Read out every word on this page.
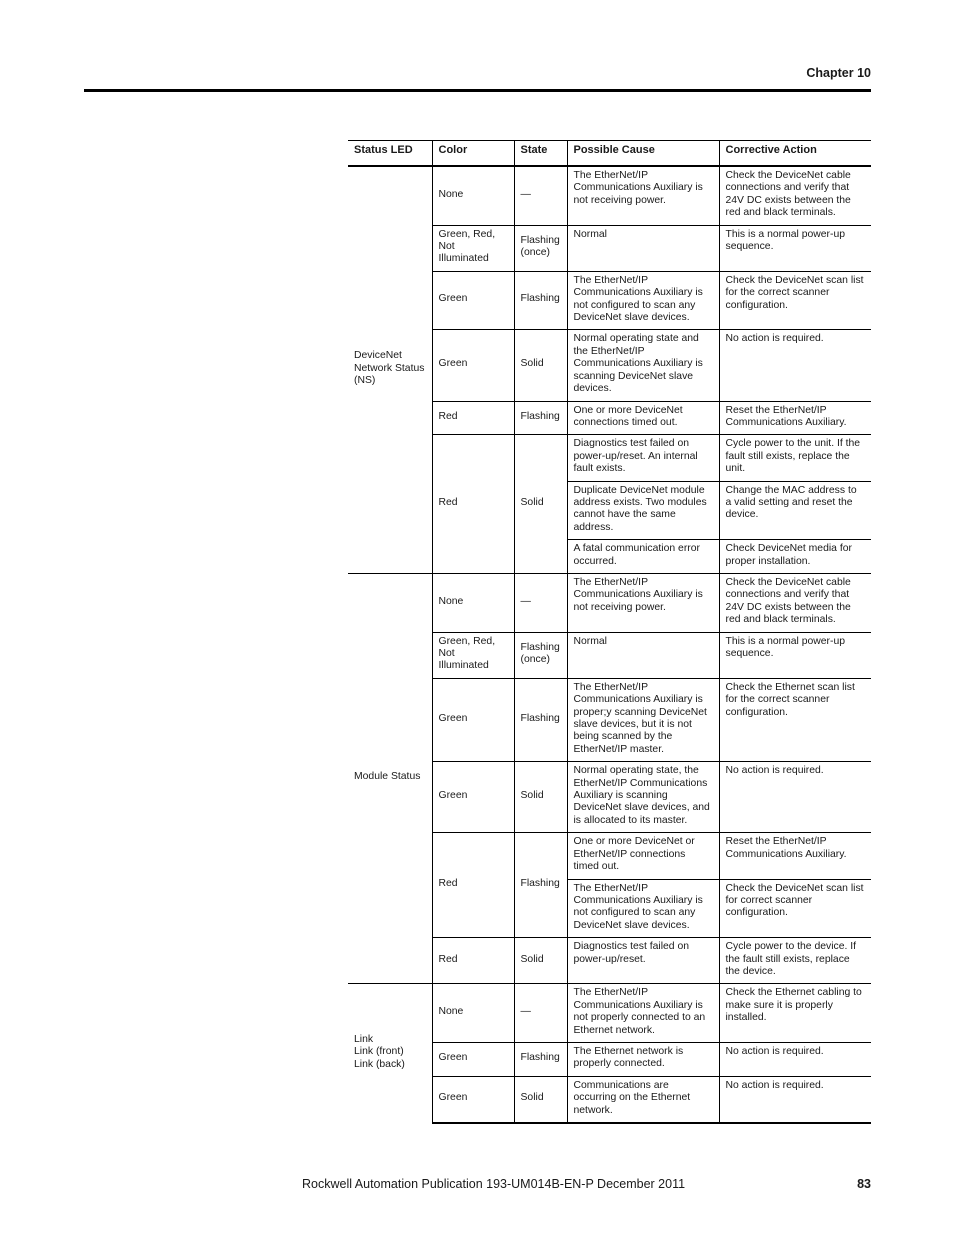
Chapter 10
Status LED	Color	State	Possible Cause	Corrective Action

DeviceNet
Network Status
(NS)	None	—	The EtherNet/IP Communications Auxiliary is not receiving power.	Check the DeviceNet cable connections and verify that 24V DC exists between the red and black terminals.
	Green, Red, Not Illuminated	Flashing (once)	Normal	This is a normal power-up sequence.
	Green	Flashing	The EtherNet/IP Communications Auxiliary is not configured to scan any DeviceNet slave devices.	Check the DeviceNet scan list for the correct scanner configuration.
	Green	Solid	Normal operating state and the EtherNet/IP Communications Auxiliary is scanning DeviceNet slave devices.	No action is required.
	Red	Flashing	One or more DeviceNet connections timed out.	Reset the EtherNet/IP Communications Auxiliary.
	Red	Solid	Diagnostics test failed on power-up/reset. An internal fault exists.	Cycle power to the unit. If the fault still exists, replace the unit.
			Duplicate DeviceNet module address exists. Two modules cannot have the same address.	Change the MAC address to a valid setting and reset the device.
			A fatal communication error occurred.	Check DeviceNet media for proper installation.

Module Status	None	—	The EtherNet/IP Communications Auxiliary is not receiving power.	Check the DeviceNet cable connections and verify that 24V DC exists between the red and black terminals.
	Green, Red, Not Illuminated	Flashing (once)	Normal	This is a normal power-up sequence.
	Green	Flashing	The EtherNet/IP Communications Auxiliary is proper;y scanning DeviceNet slave devices, but it is not being scanned by the EtherNet/IP master.	Check the Ethernet scan list for the correct scanner configuration.
	Green	Solid	Normal operating state, the EtherNet/IP Communications Auxiliary is scanning DeviceNet slave devices, and is allocated to its master.	No action is required.
	Red	Flashing	One or more DeviceNet or EtherNet/IP connections timed out.	Reset the EtherNet/IP Communications Auxiliary.
			The EtherNet/IP Communications Auxiliary is not configured to scan any DeviceNet slave devices.	Check the DeviceNet scan list for correct scanner configuration.
	Red	Solid	Diagnostics test failed on power-up/reset.	Cycle power to the device. If the fault still exists, replace the device.

Link
Link (front)
Link (back)	None	—	The EtherNet/IP Communications Auxiliary is not properly connected to an Ethernet network.	Check the Ethernet cabling to make sure it is properly installed.
	Green	Flashing	The Ethernet network is properly connected.	No action is required.
	Green	Solid	Communications are occurring on the Ethernet network.	No action is required.
Rockwell Automation Publication 193-UM014B-EN-P December 2011	83
